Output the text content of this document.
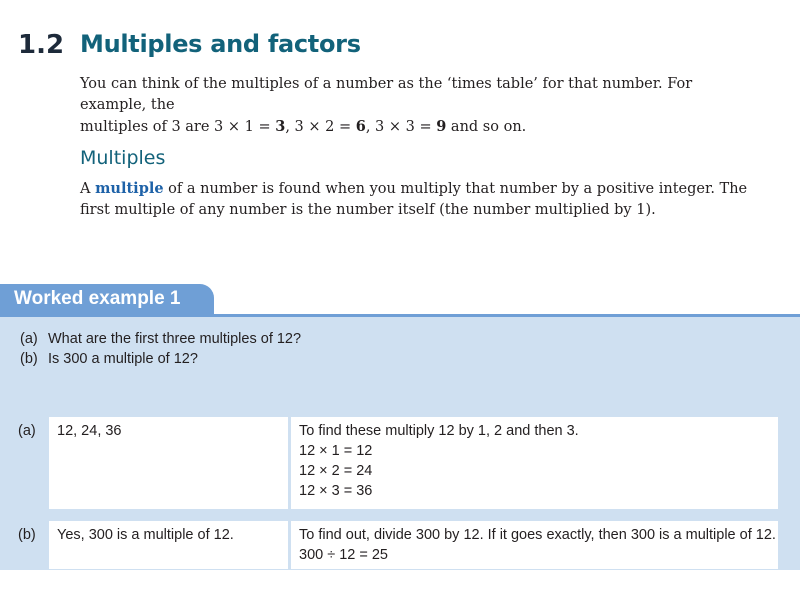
1.2 Multiples and factors
You can think of the multiples of a number as the ‘times table’ for that number. For example, the
multiples of 3 are 3 × 1 = 3, 3 × 2 = 6, 3 × 3 = 9 and so on.
Multiples
A multiple of a number is found when you multiply that number by a positive integer. The first multiple of any number is the number itself (the number multiplied by 1).
Worked example 1
(a) What are the first three multiples of 12?
(b) Is 300 a multiple of 12?
(a) 12, 24, 36	To find these multiply 12 by 1, 2 and then 3.
12 × 1 = 12
12 × 2 = 24
12 × 3 = 36
(b) Yes, 300 is a multiple of 12.	To find out, divide 300 by 12. If it goes exactly, then 300 is a multiple of 12.
300 ÷ 12 = 25
